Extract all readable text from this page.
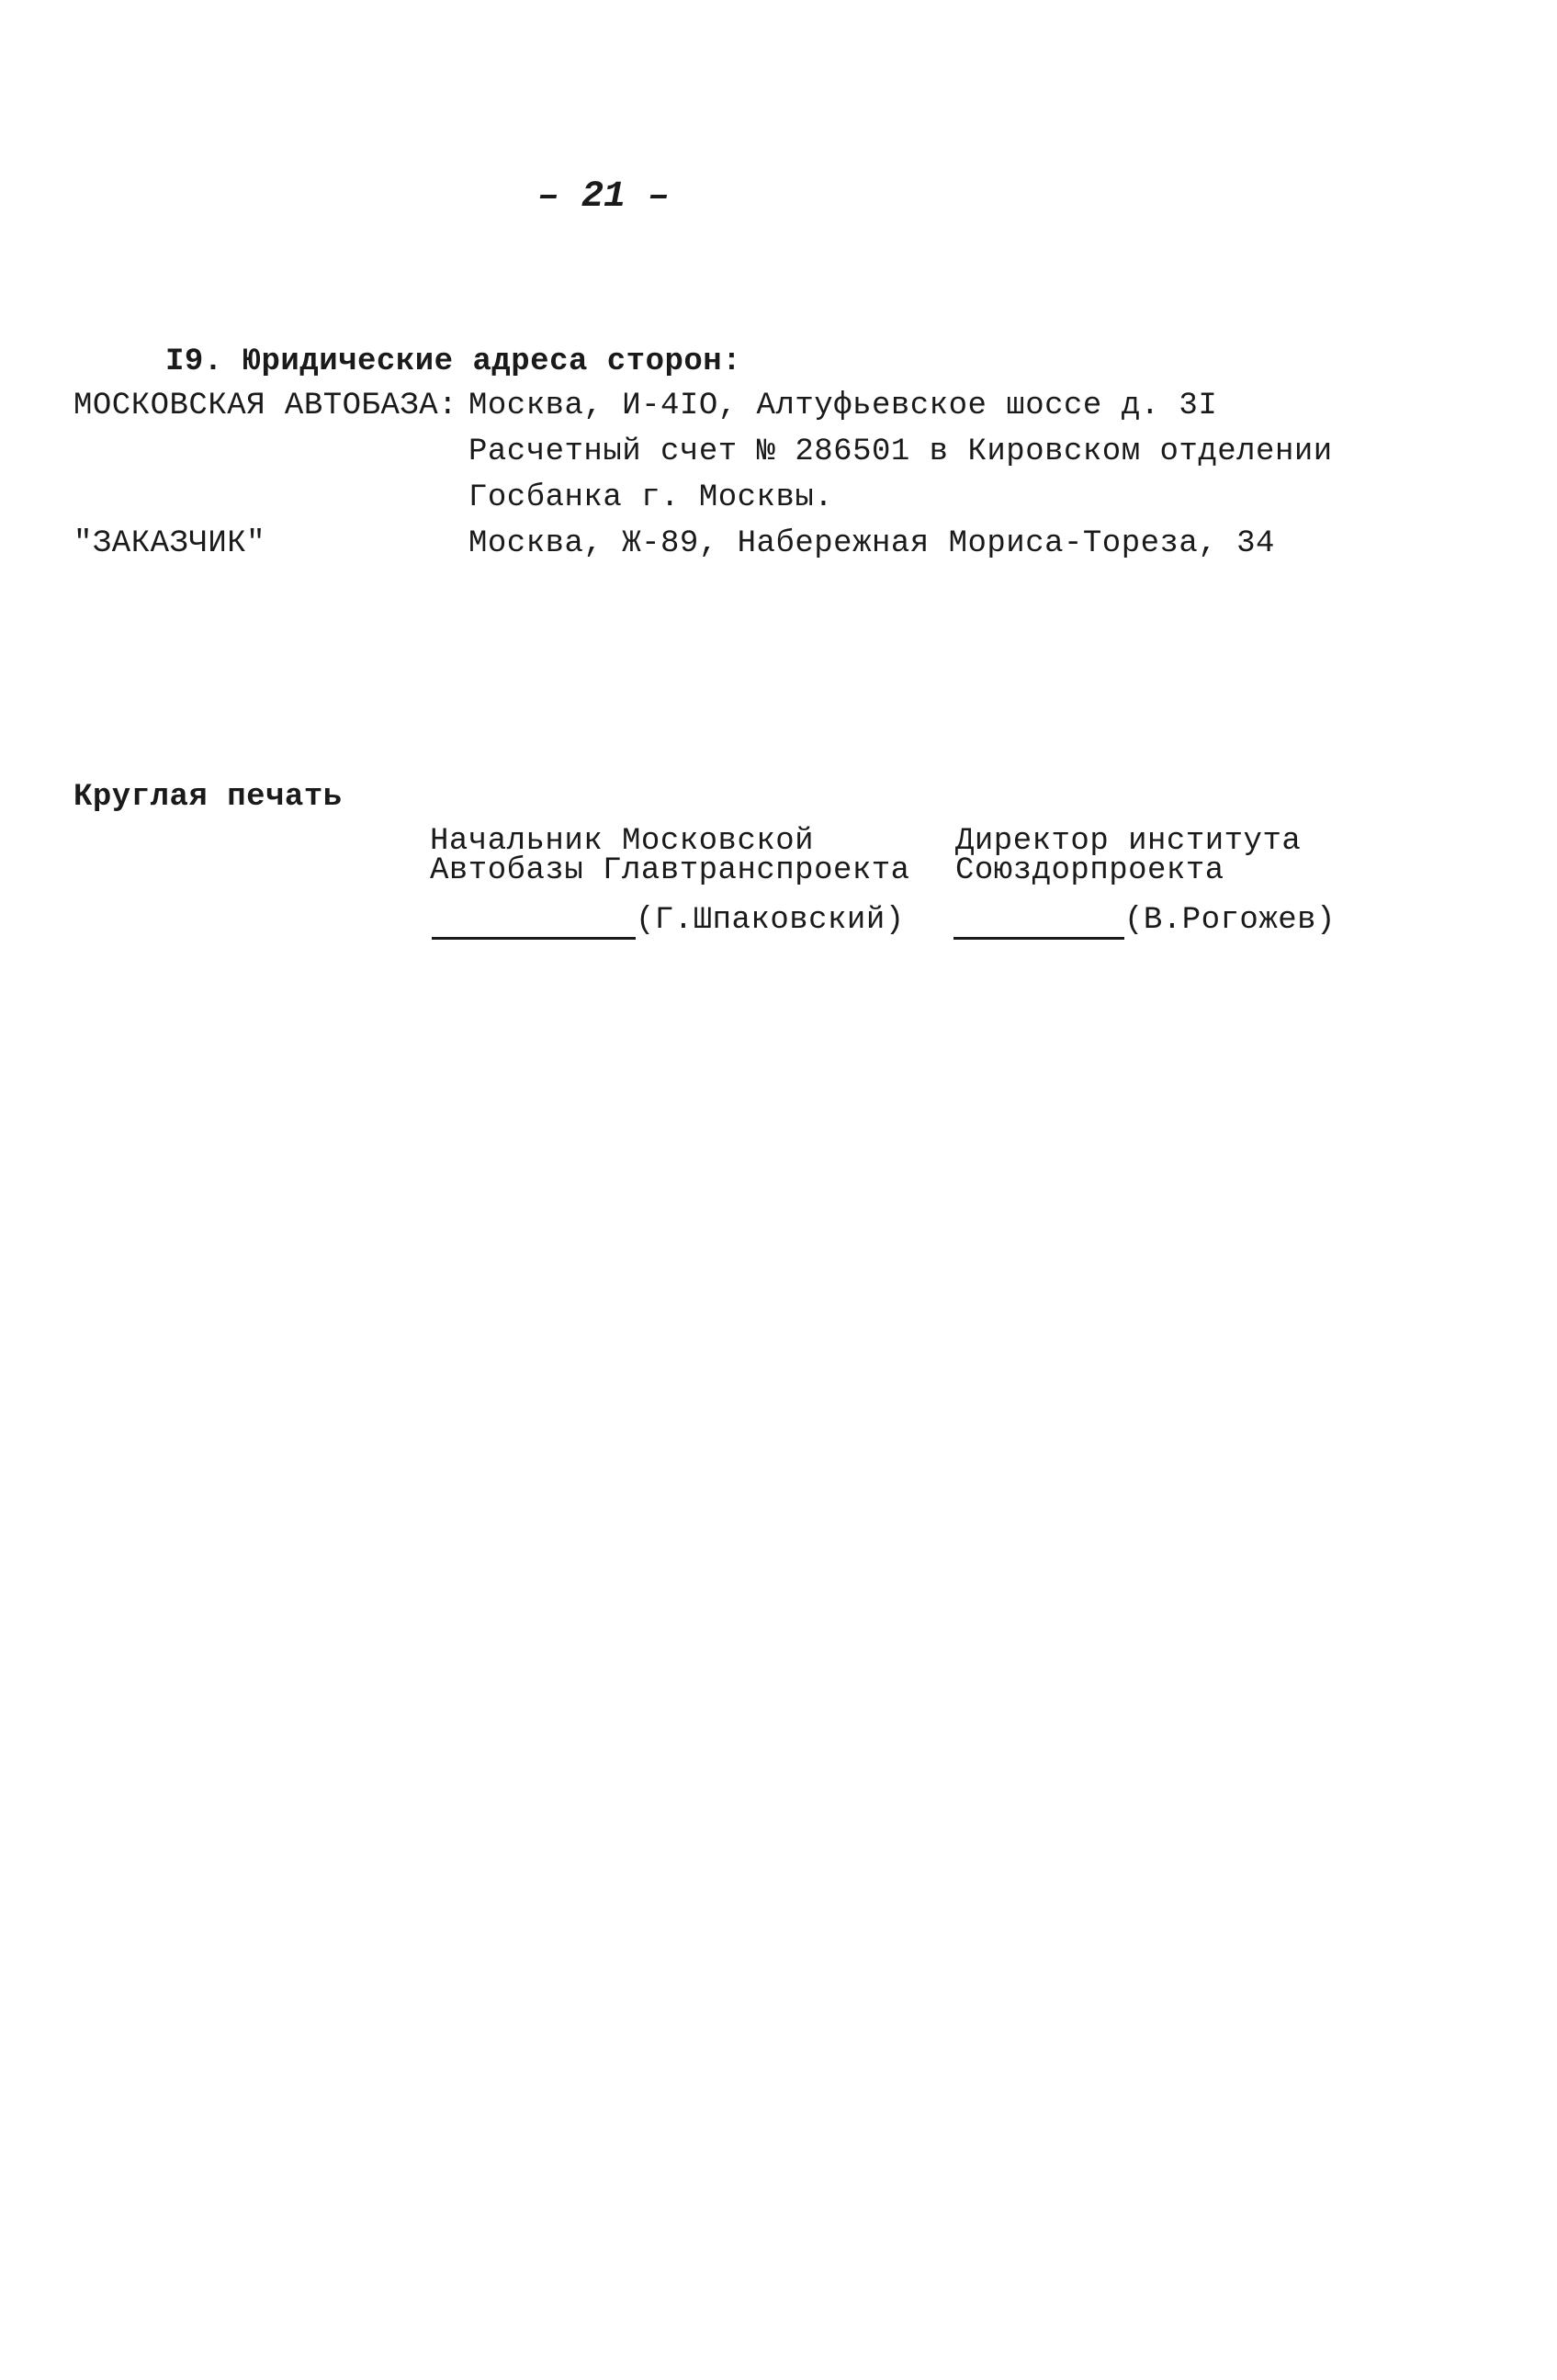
– 21 –
I9. Юридические адреса сторон:
МОСКОВСКАЯ АВТОБАЗА: Москва, И-4IO, Алтуфьевское шоссе д. 3I
Расчетный счет № 286501 в Кировском отделении
Госбанка г. Москвы.
"ЗАКАЗЧИК"	Москва, Ж-89, Набережная Мориса-Тореза, 34
Круглая печать
Начальник Московской
Автобазы Главтранспроекта
(Г.Шпаковский)
Директор института
Союздорпроекта
(В.Рогожев)
